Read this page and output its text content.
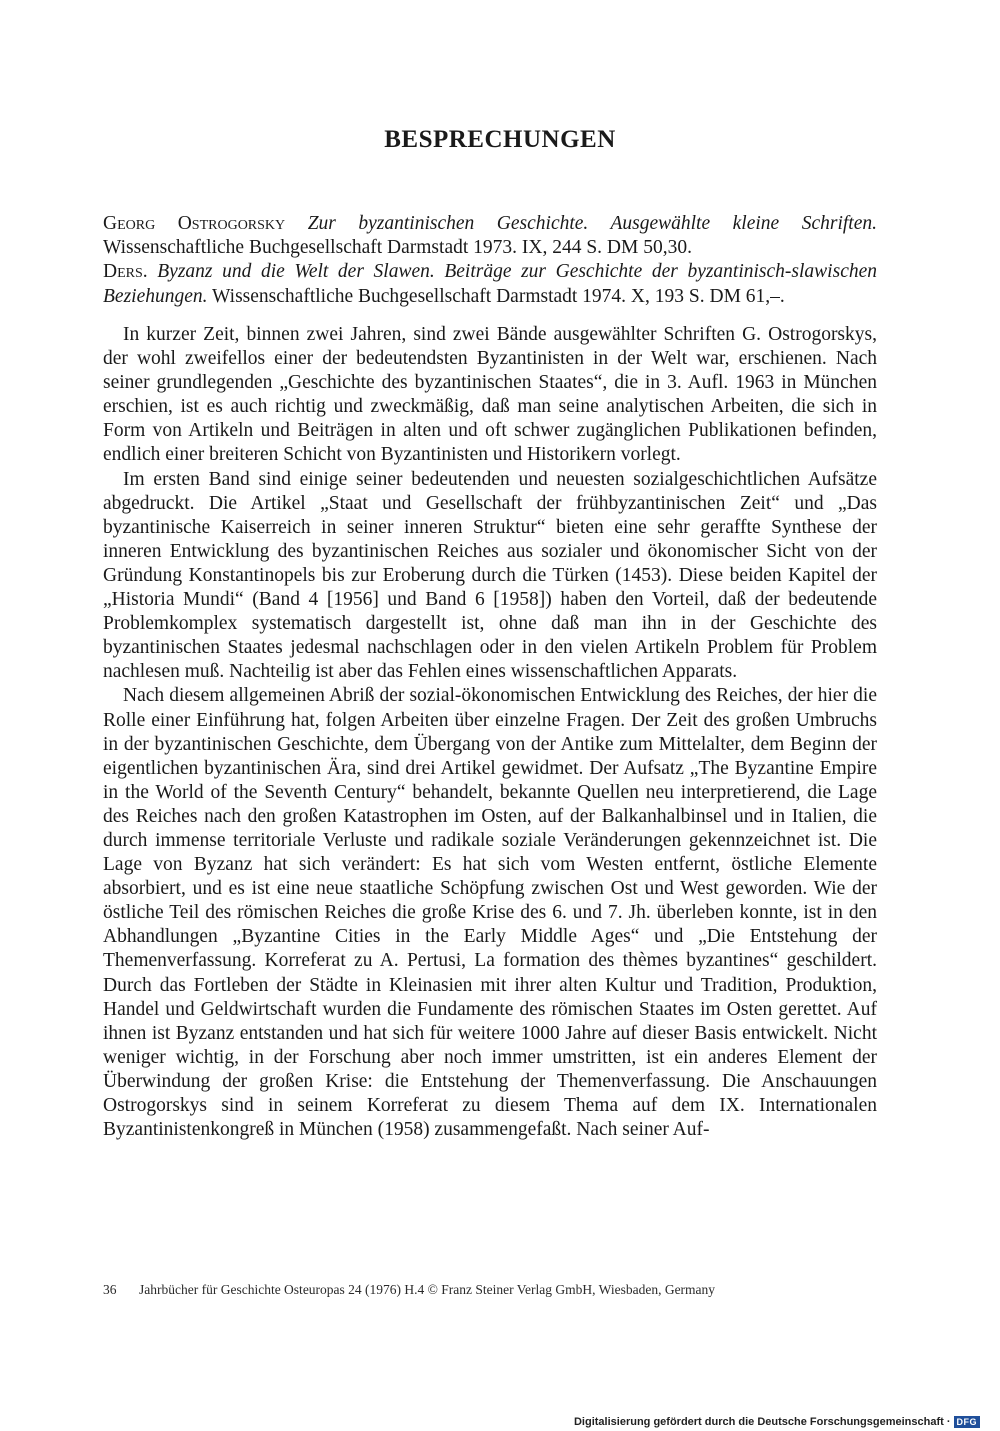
BESPRECHUNGEN

Georg Ostrogorsky Zur byzantinischen Geschichte. Ausgewählte kleine Schriften. Wissenschaftliche Buchgesellschaft Darmstadt 1973. IX, 244 S. DM 50,30.

Ders. Byzanz und die Welt der Slawen. Beiträge zur Geschichte der byzantinisch-slawischen Beziehungen. Wissenschaftliche Buchgesellschaft Darmstadt 1974. X, 193 S. DM 61,–.

In kurzer Zeit, binnen zwei Jahren, sind zwei Bände ausgewählter Schriften G. Ostrogorskys, der wohl zweifellos einer der bedeutendsten Byzantinisten in der Welt war, erschienen. Nach seiner grundlegenden „Geschichte des byzantinischen Staates“, die in 3. Aufl. 1963 in München erschien, ist es auch richtig und zweckmäßig, daß man seine analytischen Arbeiten, die sich in Form von Artikeln und Beiträgen in alten und oft schwer zugänglichen Publikationen befinden, endlich einer breiteren Schicht von Byzantinisten und Historikern vorlegt.

Im ersten Band sind einige seiner bedeutenden und neuesten sozialgeschichtlichen Aufsätze abgedruckt. Die Artikel „Staat und Gesellschaft der frühbyzantinischen Zeit“ und „Das byzantinische Kaiserreich in seiner inneren Struktur“ bieten eine sehr geraffte Synthese der inneren Entwicklung des byzantinischen Reiches aus sozialer und ökonomischer Sicht von der Gründung Konstantinopels bis zur Eroberung durch die Türken (1453). Diese beiden Kapitel der „Historia Mundi“ (Band 4 [1956] und Band 6 [1958]) haben den Vorteil, daß der bedeutende Problemkomplex systematisch dargestellt ist, ohne daß man ihn in der Geschichte des byzantinischen Staates jedesmal nachschlagen oder in den vielen Artikeln Problem für Problem nachlesen muß. Nachteilig ist aber das Fehlen eines wissenschaftlichen Apparats.

Nach diesem allgemeinen Abriß der sozial-ökonomischen Entwicklung des Reiches, der hier die Rolle einer Einführung hat, folgen Arbeiten über einzelne Fragen. Der Zeit des großen Umbruchs in der byzantinischen Geschichte, dem Übergang von der Antike zum Mittelalter, dem Beginn der eigentlichen byzantinischen Ära, sind drei Artikel gewidmet. Der Aufsatz „The Byzantine Empire in the World of the Seventh Century“ behandelt, bekannte Quellen neu interpretierend, die Lage des Reiches nach den großen Katastrophen im Osten, auf der Balkanhalbinsel und in Italien, die durch immense territoriale Verluste und radikale soziale Veränderungen gekennzeichnet ist. Die Lage von Byzanz hat sich verändert: Es hat sich vom Westen entfernt, östliche Elemente absorbiert, und es ist eine neue staatliche Schöpfung zwischen Ost und West geworden. Wie der östliche Teil des römischen Reiches die große Krise des 6. und 7. Jh. überleben konnte, ist in den Abhandlungen „Byzantine Cities in the Early Middle Ages“ und „Die Entstehung der Themenverfassung. Korreferat zu A. Pertusi, La formation des thèmes byzantines“ geschildert. Durch das Fortleben der Städte in Kleinasien mit ihrer alten Kultur und Tradition, Produktion, Handel und Geldwirtschaft wurden die Fundamente des römischen Staates im Osten gerettet. Auf ihnen ist Byzanz entstanden und hat sich für weitere 1000 Jahre auf dieser Basis entwickelt. Nicht weniger wichtig, in der Forschung aber noch immer umstritten, ist ein anderes Element der Überwindung der großen Krise: die Entstehung der Themenverfassung. Die Anschauungen Ostrogorskys sind in seinem Korreferat zu diesem Thema auf dem IX. Internationalen Byzantinistenkongreß in München (1958) zusammengefaßt. Nach seiner Auf-

36	Jahrbücher für Geschichte Osteuropas 24 (1976) H.4 © Franz Steiner Verlag GmbH, Wiesbaden, Germany
Digitalisierung gefördert durch die Deutsche Forschungsgemeinschaft · DFG
